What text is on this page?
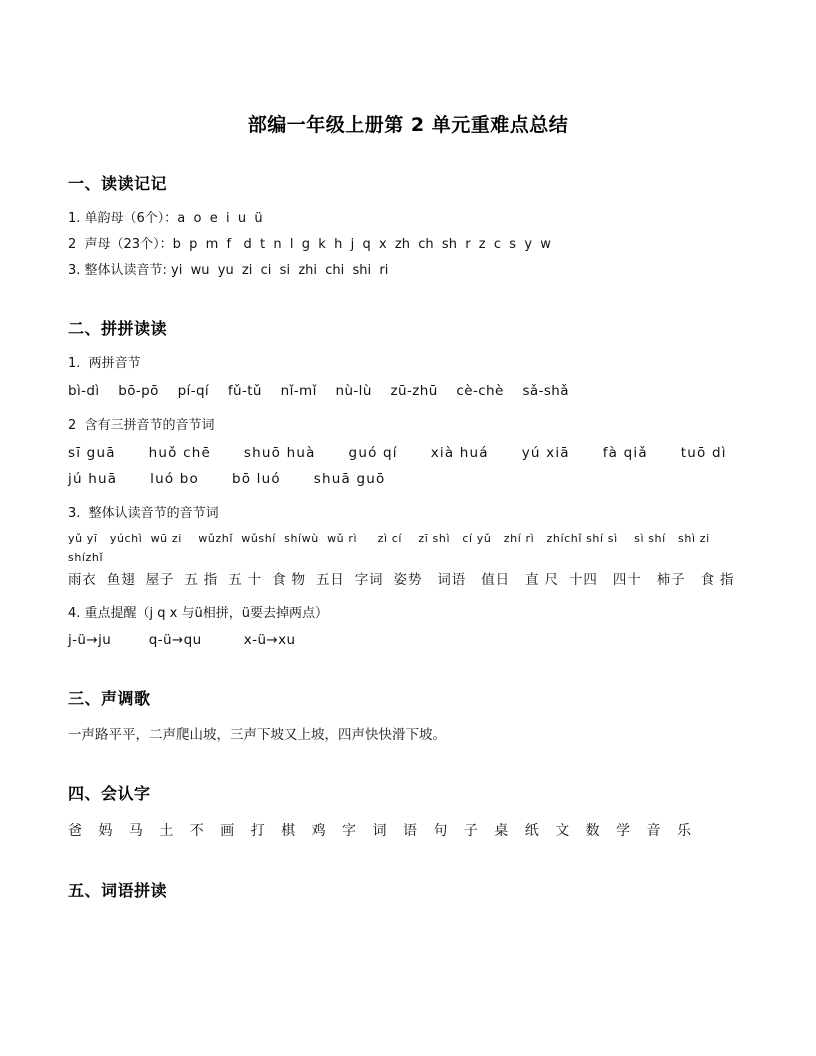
部编一年级上册第 2 单元重难点总结
一、读读记记
1. 单韵母（6个）：a  o  e  i  u  ü
2  声母（23个）：b  p  m  f   d  t  n  l  g  k  h  j  q  x  zh  ch  sh  r  z  c  s  y  w
3. 整体认读音节: yi  wu  yu  zi  ci  si  zhi  chi  shi  ri
二、拼拼读读
1.  两拼音节
bì-dì    bō-pō    pí-qí    fǔ-tǔ    nǐ-mǐ    nù-lù    zū-zhū    cè-chè    sǎ-shǎ
2  含有三拼音节的音节词
sī guā      huǒ chē      shuō huà      guó qí      xià huá      yú xiā      fà qiǎ      tuō dì
jú huā      luó bo      bō luó      shuā guō
3.  整体认读音节的音节词
yǔ yī   yúchì  wū zi    wǔzhǐ  wǔshí  shíwù  wǔ rì     zì cí    zī shì   cí yǔ   zhí rì   zhíchǐ shí sì    sì shí   shì zi  shízhǐ
雨衣  鱼翅  屋子  五 指  五 十  食 物  五日  字词  姿势   词语   值日   直 尺  十四   四十   柿子   食 指
4. 重点提醒（j q x 与ü相拼，ü要去掉两点）
j-ü→ju        q-ü→qu         x-ü→xu
三、声调歌
一声路平平，二声爬山坡，三声下坡又上坡，四声快快滑下坡。
四、会认字
爸 妈 马 土 不 画 打 棋 鸡 字 词 语 句 子 桌 纸 文 数 学 音 乐
五、词语拼读
